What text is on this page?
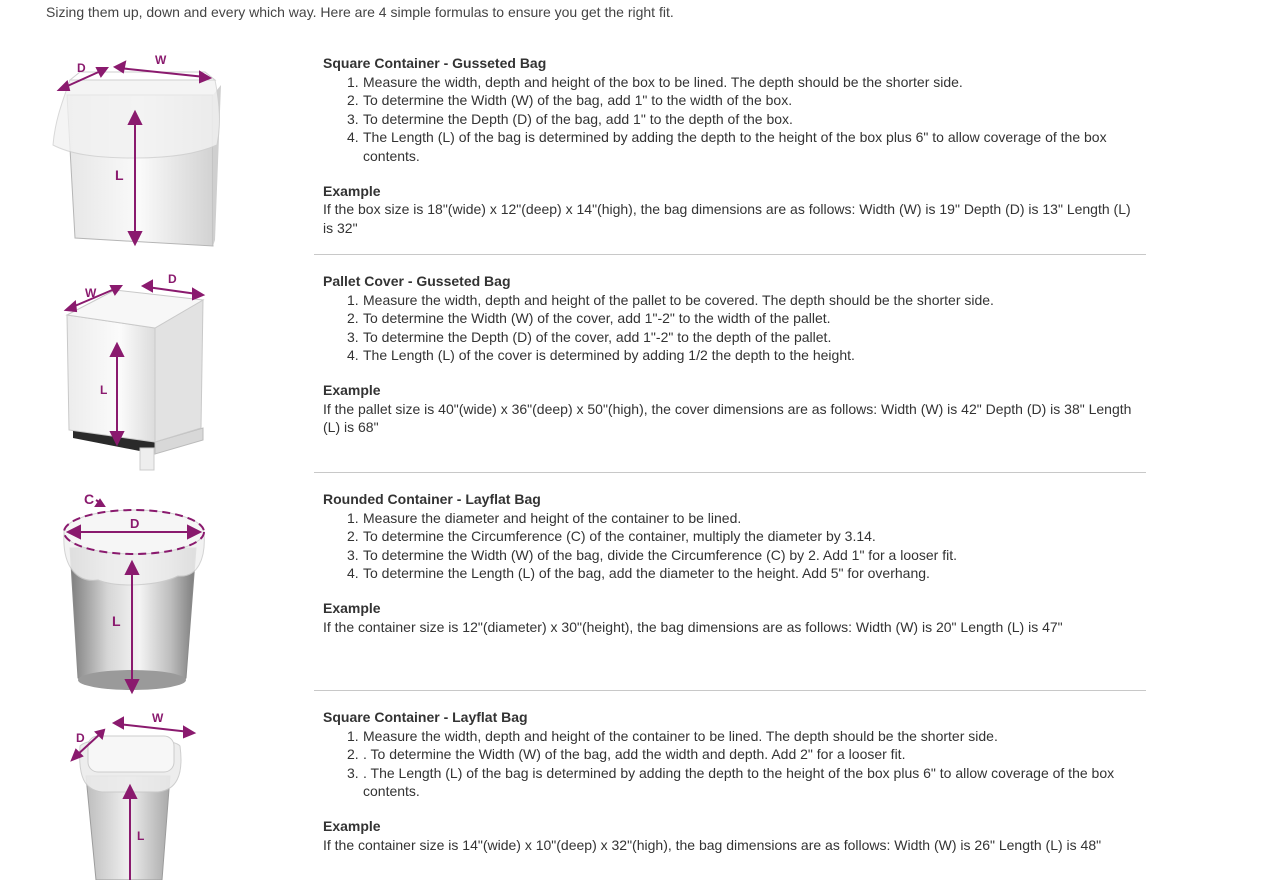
Sizing them up, down and every which way. Here are 4 simple formulas to ensure you get the right fit.
D
W
L

Square Container - Gusseted Bag

1. Measure the width, depth and height of the box to be lined. The depth should be the shorter side.
2. To determine the Width (W) of the bag, add 1" to the width of the box.
3. To determine the Depth (D) of the bag, add 1" to the depth of the box.
4. The Length (L) of the bag is determined by adding the depth to the height of the box plus 6" to allow coverage of the box contents.

Example

If the box size is 18"(wide) x 12"(deep) x 14"(high), the bag dimensions are as follows: Width (W) is 19" Depth (D) is 13" Length (L) is 32"

W
D
L

Pallet Cover - Gusseted Bag

1. Measure the width, depth and height of the pallet to be covered. The depth should be the shorter side.
2. To determine the Width (W) of the cover, add 1"-2" to the width of the pallet.
3. To determine the Depth (D) of the cover, add 1"-2" to the depth of the pallet.
4. The Length (L) of the cover is determined by adding 1/2 the depth to the height.

Example

If the pallet size is 40"(wide) x 36"(deep) x 50"(high), the cover dimensions are as follows: Width (W) is 42" Depth (D) is 38" Length (L) is 68"

C
D
L

Rounded Container - Layflat Bag

1. Measure the diameter and height of the container to be lined.
2. To determine the Circumference (C) of the container, multiply the diameter by 3.14.
3. To determine the Width (W) of the bag, divide the Circumference (C) by 2. Add 1" for a looser fit.
4. To determine the Length (L) of the bag, add the diameter to the height. Add 5" for overhang.

Example

If the container size is 12"(diameter) x 30"(height), the bag dimensions are as follows: Width (W) is 20" Length (L) is 47"

D
W
L

Square Container - Layflat Bag

1. Measure the width, depth and height of the container to be lined. The depth should be the shorter side.
2. . To determine the Width (W) of the bag, add the width and depth. Add 2" for a looser fit.
3. . The Length (L) of the bag is determined by adding the depth to the height of the box plus 6" to allow coverage of the box contents.

Example

If the container size is 14"(wide) x 10"(deep) x 32"(high), the bag dimensions are as follows: Width (W) is 26" Length (L) is 48"
